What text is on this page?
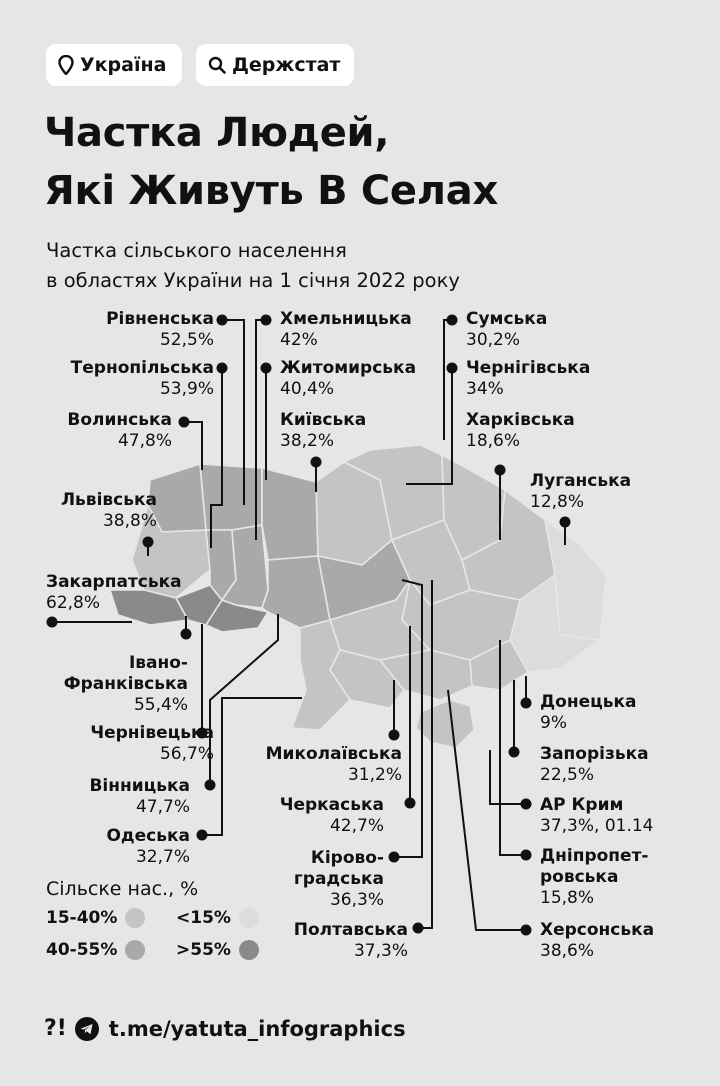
Україна	Держстат
Частка Людей,
Які Живуть В Селах
Частка сільського населення
в областях України на 1 січня 2022 року
Рівненська
52,5%
Тернопільська
53,9%
Волинська
47,8%
Львівська
38,8%
Закарпатська
62,8%
Івано-
Франківська
55,4%
Чернівецька
56,7%
Вінницька
47,7%
Одеська
32,7%
Хмельницька
42%
Житомирська
40,4%
Київська
38,2%
Миколаївська
31,2%
Черкаська
42,7%
Кірово-
градська
36,3%
Полтавська
37,3%
Сумська
30,2%
Чернігівська
34%
Харківська
18,6%
Луганська
12,8%
Донецька
9%
Запорізька
22,5%
АР Крим
37,3%, 01.14
Дніпропет-
ровська
15,8%
Херсонська
38,6%
Сільске нас., %
15-40%	<15%
40-55%	>55%
?! t.me/yatuta_infographics
